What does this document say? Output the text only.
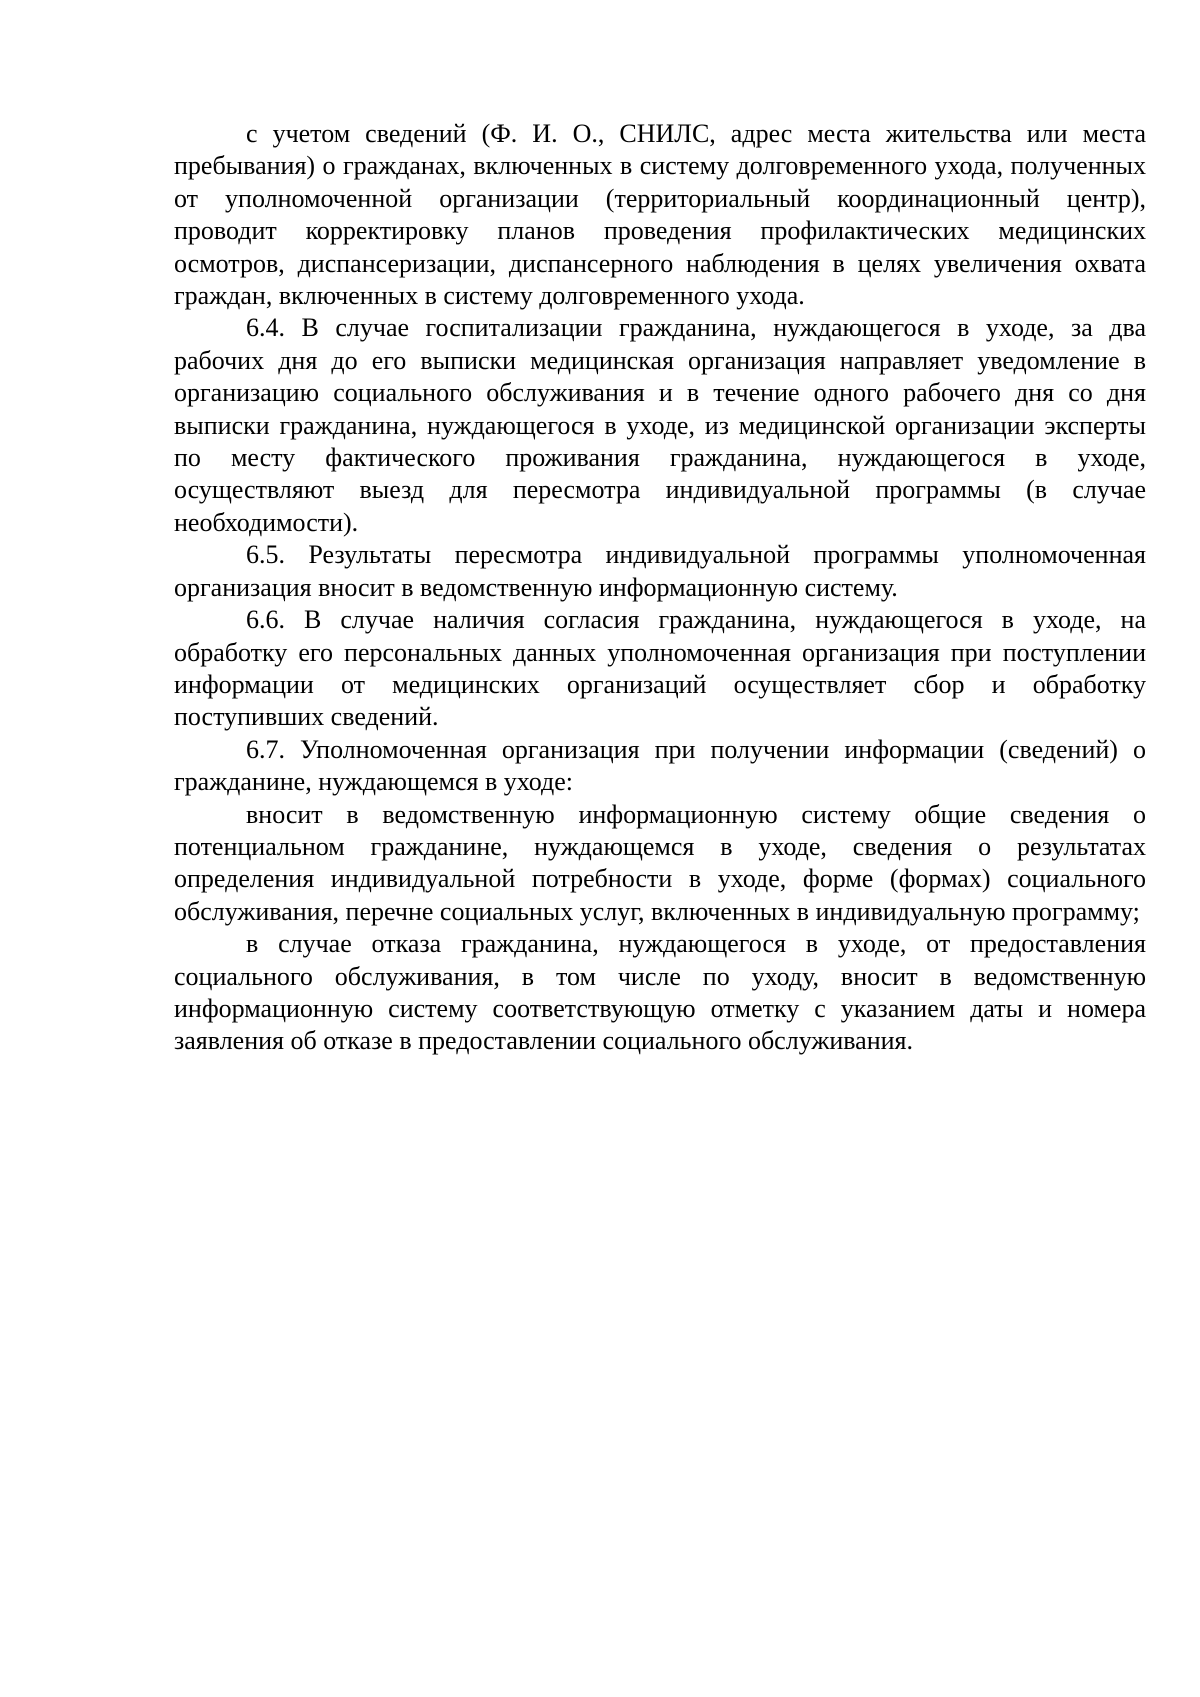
с учетом сведений (Ф. И. О., СНИЛС, адрес места жительства или места пребывания) о гражданах, включенных в систему долговременного ухода, полученных от уполномоченной организации (территориальный координационный центр), проводит корректировку планов проведения профилактических медицинских осмотров, диспансеризации, диспансерного наблюдения в целях увеличения охвата граждан, включенных в систему долговременного ухода.

6.4. В случае госпитализации гражданина, нуждающегося в уходе, за два рабочих дня до его выписки медицинская организация направляет уведомление в организацию социального обслуживания и в течение одного рабочего дня со дня выписки гражданина, нуждающегося в уходе, из медицинской организации эксперты по месту фактического проживания гражданина, нуждающегося в уходе, осуществляют выезд для пересмотра индивидуальной программы (в случае необходимости).

6.5. Результаты пересмотра индивидуальной программы уполномоченная организация вносит в ведомственную информационную систему.

6.6. В случае наличия согласия гражданина, нуждающегося в уходе, на обработку его персональных данных уполномоченная организация при поступлении информации от медицинских организаций осуществляет сбор и обработку поступивших сведений.

6.7. Уполномоченная организация при получении информации (сведений) о гражданине, нуждающемся в уходе:

вносит в ведомственную информационную систему общие сведения о потенциальном гражданине, нуждающемся в уходе, сведения о результатах определения индивидуальной потребности в уходе, форме (формах) социального обслуживания, перечне социальных услуг, включенных в индивидуальную программу;

в случае отказа гражданина, нуждающегося в уходе, от предоставления социального обслуживания, в том числе по уходу, вносит в ведомственную информационную систему соответствующую отметку с указанием даты и номера заявления об отказе в предоставлении социального обслуживания.
